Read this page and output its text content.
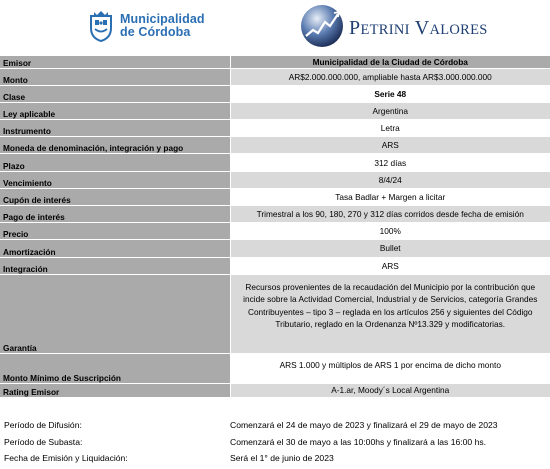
Municipalidad
de Córdoba	PETRINI VALORES
Emisor	Municipalidad de la Ciudad de Córdoba
Monto	AR$2.000.000.000, ampliable hasta AR$3.000.000.000
Clase	Serie 48
Ley aplicable	Argentina
Instrumento	Letra
Moneda de denominación, integración y pago	ARS
Plazo	312 días
Vencimiento	8/4/24
Cupón de interés	Tasa Badlar + Margen a licitar
Pago de interés	Trimestral a los 90, 180, 270 y 312 días corridos desde fecha de emisión
Precio	100%
Amortización	Bullet
Integración	ARS
Garantía	Recursos provenientes de la recaudación del Municipio por la contribución que incide sobre la Actividad Comercial, Industrial y de Servicios, categoría Grandes Contribuyentes – tipo 3 – reglada en los artículos 256 y siguientes del Código Tributario, reglado en la Ordenanza Nº13.329 y modificatorias.
Monto Mínimo de Suscripción	ARS 1.000 y múltiplos de ARS 1 por encima de dicho monto
Rating Emisor	A-1.ar, Moody´s Local Argentina
Período de Difusión:	Comenzará el 24 de mayo de 2023 y finalizará el 29 de mayo de 2023
Período de Subasta:	Comenzará el 30 de mayo a las 10:00hs y finalizará a las 16:00 hs.
Fecha de Emisión y Liquidación:	Será el 1° de junio de 2023
